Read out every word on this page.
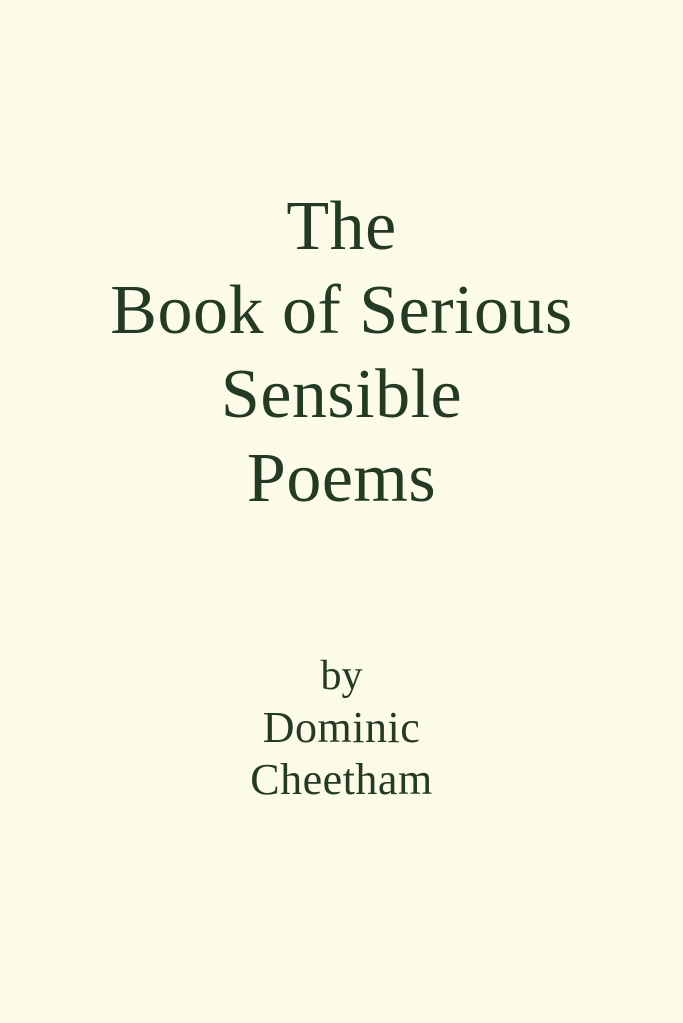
The
Book of Serious
Sensible
Poems
by
Dominic
Cheetham
